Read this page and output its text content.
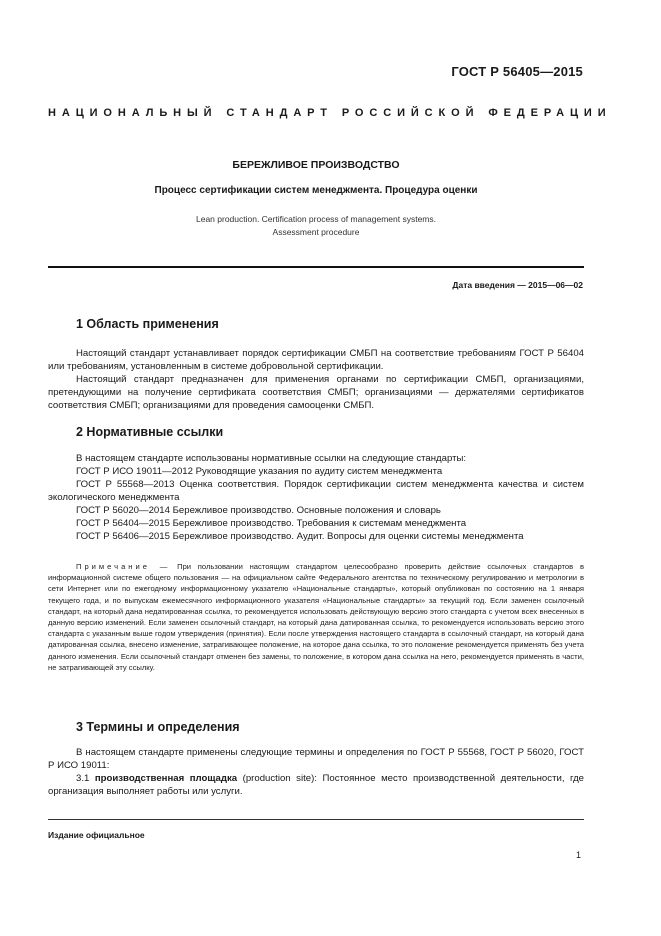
ГОСТ Р 56405—2015
НАЦИОНАЛЬНЫЙ СТАНДАРТ РОССИЙСКОЙ ФЕДЕРАЦИИ
БЕРЕЖЛИВОЕ ПРОИЗВОДСТВО
Процесс сертификации систем менеджмента. Процедура оценки
Lean production. Certification process of management systems.
Assessment procedure
Дата введения — 2015—06—02
1 Область применения
Настоящий стандарт устанавливает порядок сертификации СМБП на соответствие требованиям ГОСТ Р 56404 или требованиям, установленным в системе добровольной сертификации.
Настоящий стандарт предназначен для применения органами по сертификации СМБП, организациями, претендующими на получение сертификата соответствия СМБП; организациями — держателями сертификатов соответствия СМБП; организациями для проведения самооценки СМБП.
2 Нормативные ссылки
В настоящем стандарте использованы нормативные ссылки на следующие стандарты:
ГОСТ Р ИСО 19011—2012 Руководящие указания по аудиту систем менеджмента
ГОСТ Р 55568—2013 Оценка соответствия. Порядок сертификации систем менеджмента качества и систем экологического менеджмента
ГОСТ Р 56020—2014 Бережливое производство. Основные положения и словарь
ГОСТ Р 56404—2015 Бережливое производство. Требования к системам менеджмента
ГОСТ Р 56406—2015 Бережливое производство. Аудит. Вопросы для оценки системы менеджмента
Примечание — При пользовании настоящим стандартом целесообразно проверить действие ссылочных стандартов в информационной системе общего пользования — на официальном сайте Федерального агентства по техническому регулированию и метрологии в сети Интернет или по ежегодному информационному указателю «Национальные стандарты», который опубликован по состоянию на 1 января текущего года, и по выпускам ежемесячного информационного указателя «Национальные стандарты» за текущий год. Если заменен ссылочный стандарт, на который дана недатированная ссылка, то рекомендуется использовать действующую версию этого стандарта с учетом всех внесенных в данную версию изменений. Если заменен ссылочный стандарт, на который дана датированная ссылка, то рекомендуется использовать версию этого стандарта с указанным выше годом утверждения (принятия). Если после утверждения настоящего стандарта в ссылочный стандарт, на который дана датированная ссылка, внесено изменение, затрагивающее положение, на которое дана ссылка, то это положение рекомендуется применять без учета данного изменения. Если ссылочный стандарт отменен без замены, то положение, в котором дана ссылка на него, рекомендуется применять в части, не затрагивающей эту ссылку.
3 Термины и определения
В настоящем стандарте применены следующие термины и определения по ГОСТ Р 55568, ГОСТ Р 56020, ГОСТ Р ИСО 19011:
3.1 производственная площадка (production site): Постоянное место производственной деятельности, где организация выполняет работы или услуги.
Издание официальное
1
